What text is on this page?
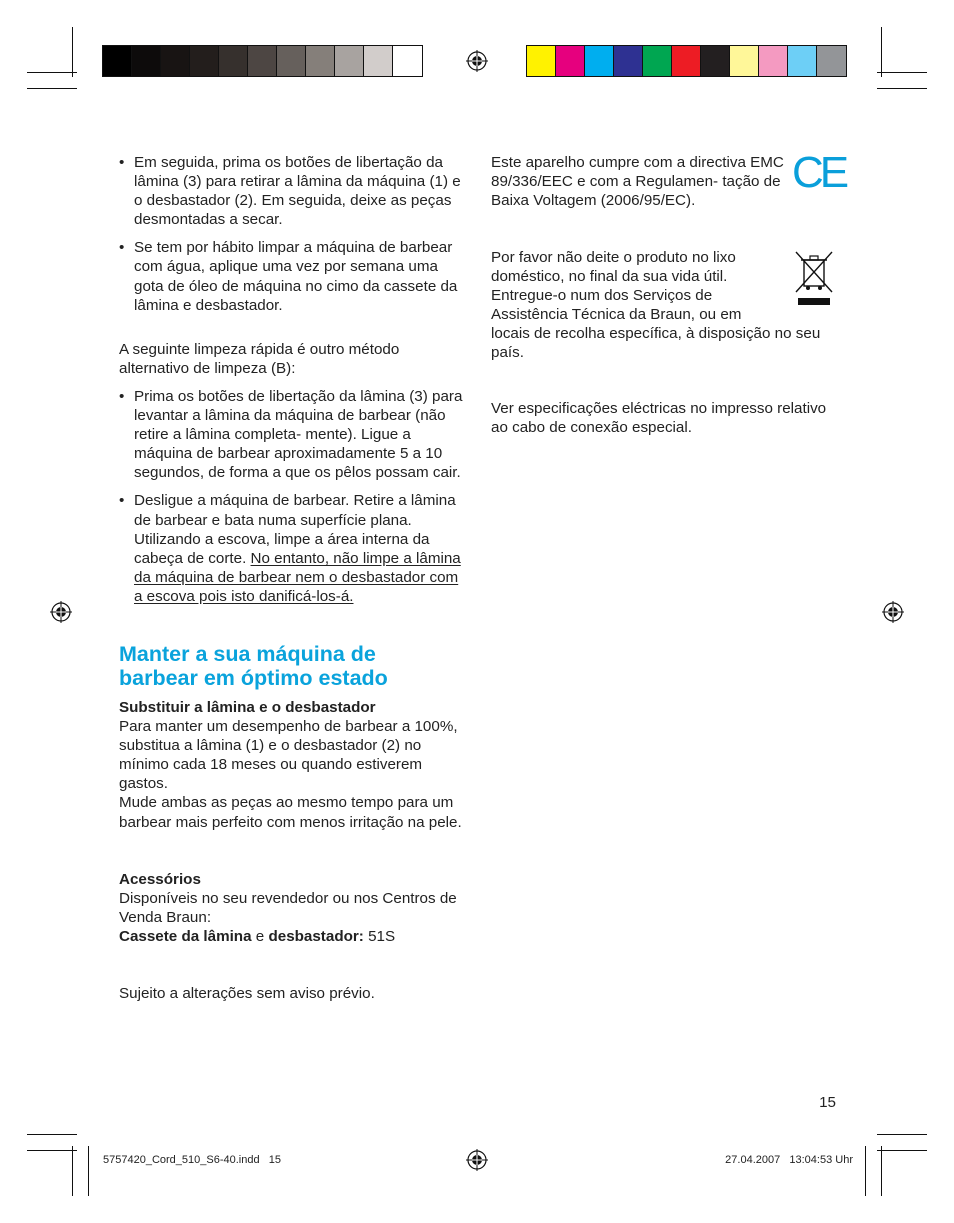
• Em seguida, prima os botões de libertação da lâmina (3) para retirar a lâmina da máquina (1) e o desbastador (2). Em seguida, deixe as peças desmontadas a secar.
• Se tem por hábito limpar a máquina de barbear com água, aplique uma vez por semana uma gota de óleo de máquina no cimo da cassete da lâmina e desbastador.

A seguinte limpeza rápida é outro método alternativo de limpeza (B):

• Prima os botões de libertação da lâmina (3) para levantar a lâmina da máquina de barbear (não retire a lâmina completa- mente). Ligue a máquina de barbear aproximadamente 5 a 10 segundos, de forma a que os pêlos possam cair.
• Desligue a máquina de barbear. Retire a lâmina de barbear e bata numa superfície plana. Utilizando a escova, limpe a área interna da cabeça de corte. No entanto, não limpe a lâmina da máquina de barbear nem o desbastador com a escova pois isto danificá-los-á.
Manter a sua máquina de barbear em óptimo estado

Substituir a lâmina e o desbastador

Para manter um desempenho de barbear a 100%, substitua a lâmina (1) e o desbastador (2) no mínimo cada 18 meses ou quando estiverem gastos.

Mude ambas as peças ao mesmo tempo para um barbear mais perfeito com menos irritação na pele.

Acessórios

Disponíveis no seu revendedor ou nos Centros de Venda Braun:

Cassete da lâmina e desbastador: 51S

Sujeito a alterações sem aviso prévio.

Este aparelho cumpre com a directiva EMC 89/336/EEC e com a Regulamen- tação de Baixa Voltagem (2006/95/EC).
CE
Por favor não deite o produto no lixo doméstico, no final da sua vida útil. Entregue-o num dos Serviços de Assistência Técnica da Braun, ou em locais de recolha específica, à disposição no seu país.
Ver especificações eléctricas no impresso relativo ao cabo de conexão especial.
15
5757420_Cord_510_S6-40.indd   15	27.04.2007   13:04:53 Uhr
